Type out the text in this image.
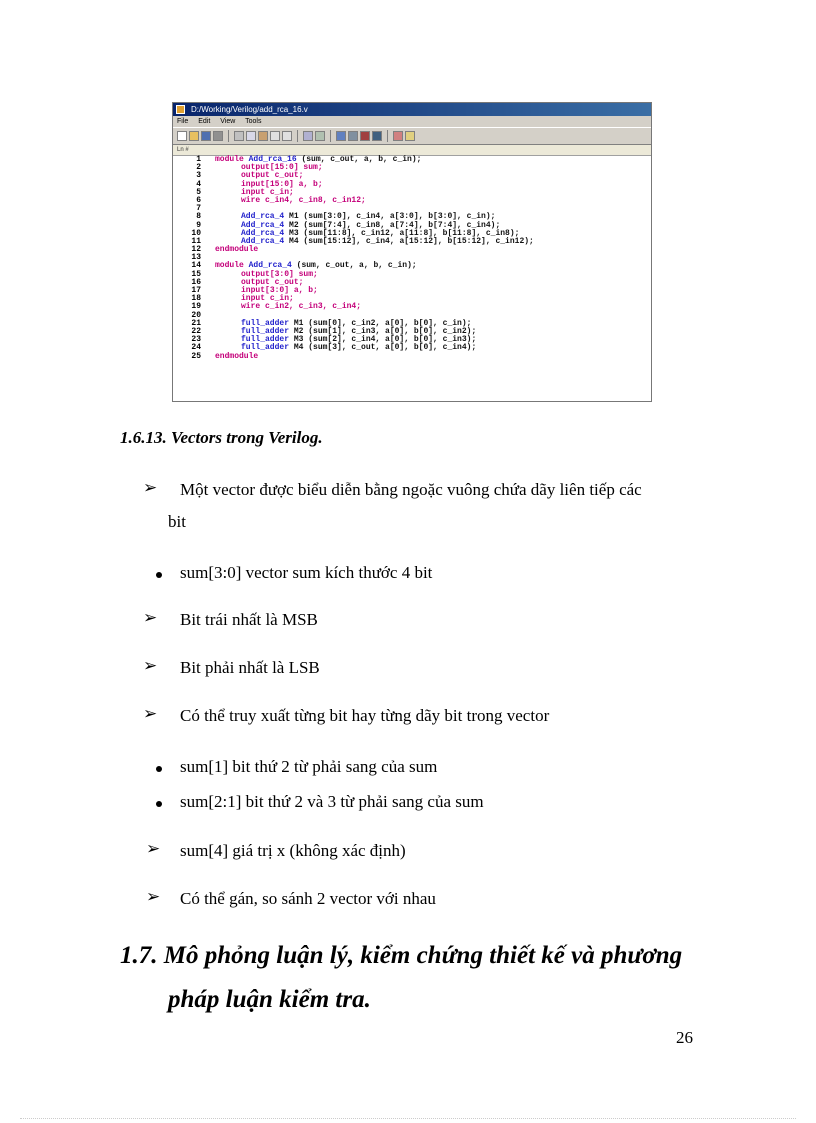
D:/Working/Verilog/add_rca_16.v
File Edit View Tools
Ln #
1 module Add_rca_16 (sum, c_out, a, b, c_in);
2	output[15:0] sum;
3	output c_out;
4	input[15:0] a, b;
5	input c_in;
6	wire c_in4, c_in8, c_in12;
7
8	Add_rca_4 M1 (sum[3:0], c_in4, a[3:0], b[3:0], c_in);
9	Add_rca_4 M2 (sum[7:4], c_in8, a[7:4], b[7:4], c_in4);
10	Add_rca_4 M3 (sum[11:8], c_in12, a[11:8], b[11:8], c_in8);
11	Add_rca_4 M4 (sum[15:12], c_in4, a[15:12], b[15:12], c_in12);
12 endmodule
13
14 module Add_rca_4 (sum, c_out, a, b, c_in);
15	output[3:0] sum;
16	output c_out;
17	input[3:0] a, b;
18	input c_in;
19	wire c_in2, c_in3, c_in4;
20
21	full_adder M1 (sum[0], c_in2, a[0], b[0], c_in);
22	full_adder M2 (sum[1], c_in3, a[0], b[0], c_in2);
23	full_adder M3 (sum[2], c_in4, a[0], b[0], c_in3);
24	full_adder M4 (sum[3], c_out, a[0], b[0], c_in4);
25 endmodule
1.6.13. Vectors trong Verilog.
➢ Một vector được biểu diễn bằng ngoặc vuông chứa dãy liên tiếp các
bit
sum[3:0] vector sum kích thước 4 bit
➢ Bit trái nhất là MSB
➢ Bit phải nhất là LSB
➢ Có thể truy xuất từng bit hay từng dãy bit trong vector
sum[1] bit thứ 2 từ phải sang của sum
sum[2:1] bit thứ 2 và 3 từ phải sang của sum
➢ sum[4] giá trị x (không xác định)
➢ Có thể gán, so sánh 2 vector với nhau
1.7. Mô phỏng luận lý, kiểm chứng thiết kế và phương
pháp luận kiểm tra.
26
